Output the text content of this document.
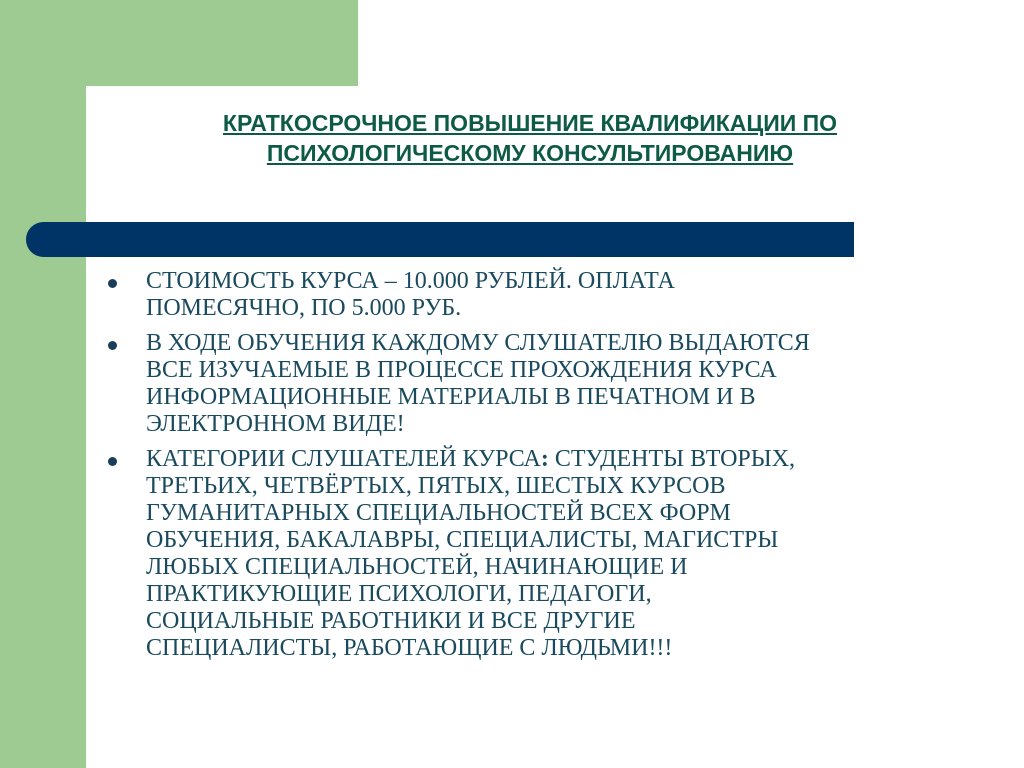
КРАТКОСРОЧНОЕ ПОВЫШЕНИЕ КВАЛИФИКАЦИИ ПО
ПСИХОЛОГИЧЕСКОМУ КОНСУЛЬТИРОВАНИЮ
СТОИМОСТЬ КУРСА – 10.000 РУБЛЕЙ. ОПЛАТА
ПОМЕСЯЧНО, ПО 5.000 РУБ.
В ХОДЕ ОБУЧЕНИЯ КАЖДОМУ СЛУШАТЕЛЮ ВЫДАЮТСЯ
ВСЕ ИЗУЧАЕМЫЕ В ПРОЦЕССЕ ПРОХОЖДЕНИЯ КУРСА
ИНФОРМАЦИОННЫЕ МАТЕРИАЛЫ В ПЕЧАТНОМ И В
ЭЛЕКТРОННОМ ВИДЕ!
КАТЕГОРИИ СЛУШАТЕЛЕЙ КУРСА: СТУДЕНТЫ ВТОРЫХ,
ТРЕТЬИХ, ЧЕТВЁРТЫХ, ПЯТЫХ, ШЕСТЫХ КУРСОВ
ГУМАНИТАРНЫХ СПЕЦИАЛЬНОСТЕЙ ВСЕХ ФОРМ
ОБУЧЕНИЯ, БАКАЛАВРЫ, СПЕЦИАЛИСТЫ, МАГИСТРЫ
ЛЮБЫХ СПЕЦИАЛЬНОСТЕЙ, НАЧИНАЮЩИЕ И
ПРАКТИКУЮЩИЕ ПСИХОЛОГИ, ПЕДАГОГИ,
СОЦИАЛЬНЫЕ РАБОТНИКИ И ВСЕ ДРУГИЕ
СПЕЦИАЛИСТЫ, РАБОТАЮЩИЕ С ЛЮДЬМИ!!!
